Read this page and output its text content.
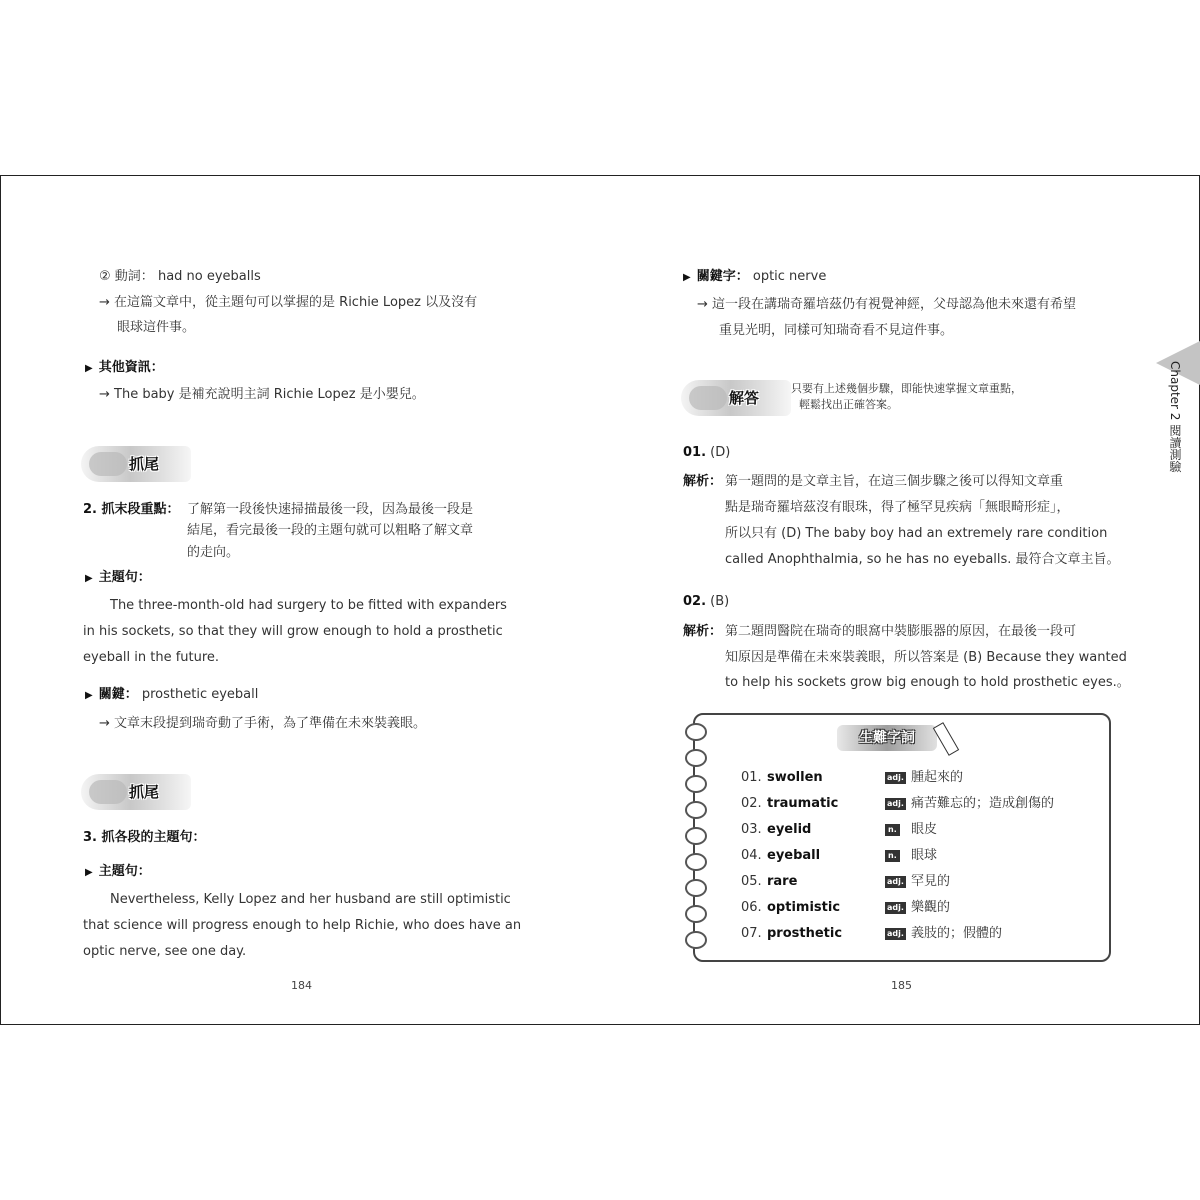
② 動詞： had no eyeballs
→ 在這篇文章中，從主題句可以掌握的是 Richie Lopez 以及沒有
眼球這件事。
▶ 其他資訊：
→ The baby 是補充說明主詞 Richie Lopez 是小嬰兒。
抓尾
2. 抓末段重點： 了解第一段後快速掃描最後一段，因為最後一段是
結尾，看完最後一段的主題句就可以粗略了解文章
的走向。
▶ 主題句：
The three-month-old had surgery to be fitted with expanders
in his sockets, so that they will grow enough to hold a prosthetic
eyeball in the future.
▶ 關鍵： prosthetic eyeball
→ 文章末段提到瑞奇動了手術，為了準備在未來裝義眼。
抓尾
3. 抓各段的主題句：
▶ 主題句：
Nevertheless, Kelly Lopez and her husband are still optimistic
that science will progress enough to help Richie, who does have an
optic nerve, see one day.
184
▶ 關鍵字： optic nerve
→ 這一段在講瑞奇羅培茲仍有視覺神經，父母認為他未來還有希望
重見光明，同樣可知瑞奇看不見這件事。
解答
只要有上述幾個步驟，即能快速掌握文章重點，
輕鬆找出正確答案。
01. (D)
解析： 第一題問的是文章主旨，在這三個步驟之後可以得知文章重
點是瑞奇羅培茲沒有眼珠，得了極罕見疾病「無眼畸形症」，
所以只有 (D) The baby boy had an extremely rare condition
called Anophthalmia, so he has no eyeballs. 最符合文章主旨。
02. (B)
解析： 第二題問醫院在瑞奇的眼窩中裝膨脹器的原因，在最後一段可
知原因是準備在未來裝義眼，所以答案是 (B) Because they wanted
to help his sockets grow big enough to hold prosthetic eyes.。
生難字詞
01. swollen	adj. 腫起來的
02. traumatic	adj. 痛苦難忘的；造成創傷的
03. eyelid	n. 眼皮
04. eyeball	n. 眼球
05. rare	adj. 罕見的
06. optimistic	adj. 樂觀的
07. prosthetic	adj. 義肢的；假體的
185
Chapter 2 閱讀測驗
